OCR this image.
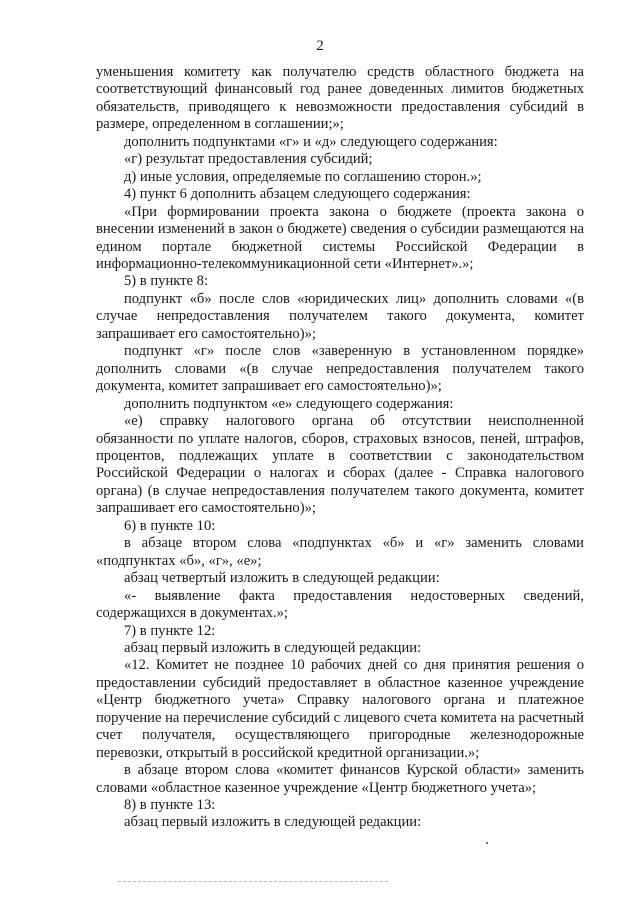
2

уменьшения комитету как получателю средств областного бюджета на соответствующий финансовый год ранее доведенных лимитов бюджетных обязательств, приводящего к невозможности предоставления субсидий в размере, определенном в соглашении;»;

дополнить подпунктами «г» и «д» следующего содержания:

«г) результат предоставления субсидий;

д) иные условия, определяемые по соглашению сторон.»;

4) пункт 6 дополнить абзацем следующего содержания:

«При формировании проекта закона о бюджете (проекта закона о внесении изменений в закон о бюджете) сведения о субсидии размещаются на едином портале бюджетной системы Российской Федерации в информационно-телекоммуникационной сети «Интернет».»;

5) в пункте 8:

подпункт «б» после слов «юридических лиц» дополнить словами «(в случае непредоставления получателем такого документа, комитет запрашивает его самостоятельно)»;

подпункт «г» после слов «заверенную в установленном порядке» дополнить словами «(в случае непредоставления получателем такого документа, комитет запрашивает его самостоятельно)»;

дополнить подпунктом «е» следующего содержания:

«е) справку налогового органа об отсутствии неисполненной обязанности по уплате налогов, сборов, страховых взносов, пеней, штрафов, процентов, подлежащих уплате в соответствии с законодательством Российской Федерации о налогах и сборах (далее - Справка налогового органа) (в случае непредоставления получателем такого документа, комитет запрашивает его самостоятельно)»;

6) в пункте 10:

в абзаце втором слова «подпунктах «б» и «г» заменить словами «подпунктах «б», «г», «е»;

абзац четвертый изложить в следующей редакции:

«- выявление факта предоставления недостоверных сведений, содержащихся в документах.»;

7) в пункте 12:

абзац первый изложить в следующей редакции:

«12. Комитет не позднее 10 рабочих дней со дня принятия решения о предоставлении субсидий предоставляет в областное казенное учреждение «Центр бюджетного учета» Справку налогового органа и платежное поручение на перечисление субсидий с лицевого счета комитета на расчетный счет получателя, осуществляющего пригородные железнодорожные перевозки, открытый в российской кредитной организации.»;

в абзаце втором слова «комитет финансов Курской области» заменить словами «областное казенное учреждение «Центр бюджетного учета»;

8) в пункте 13:

абзац первый изложить в следующей редакции:
